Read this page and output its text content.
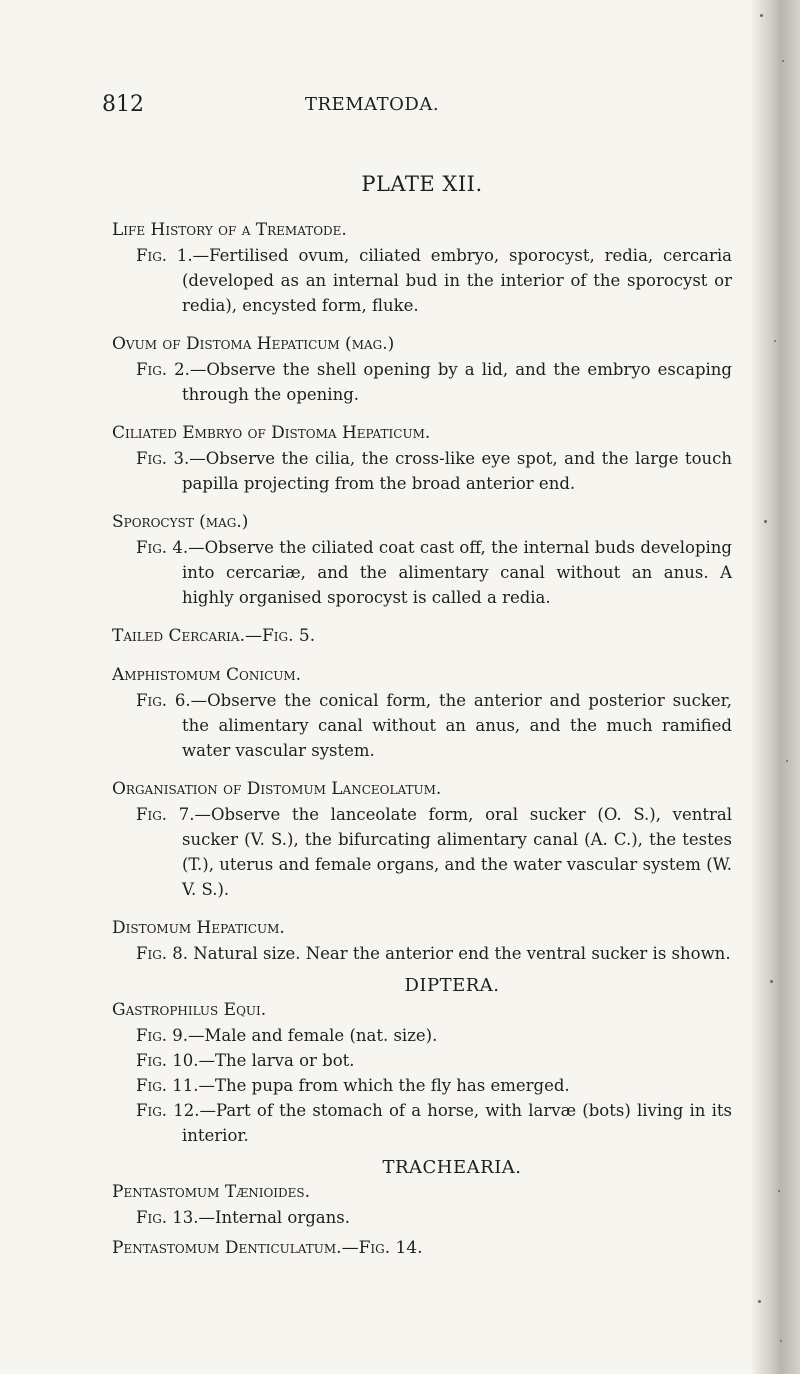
812	TREMATODA.
PLATE XII.
Life History of a Trematode.
Fig. 1.—Fertilised ovum, ciliated embryo, sporocyst, redia, cercaria (developed as an internal bud in the interior of the sporocyst or redia), encysted form, fluke.
Ovum of Distoma Hepaticum (mag.)
Fig. 2.—Observe the shell opening by a lid, and the embryo escaping through the opening.
Ciliated Embryo of Distoma Hepaticum.
Fig. 3.—Observe the cilia, the cross-like eye spot, and the large touch papilla projecting from the broad anterior end.
Sporocyst (mag.)
Fig. 4.—Observe the ciliated coat cast off, the internal buds developing into cercariæ, and the alimentary canal without an anus. A highly organised sporocyst is called a redia.
Tailed Cercaria.—Fig. 5.
Amphistomum Conicum.
Fig. 6.—Observe the conical form, the anterior and posterior sucker, the alimentary canal without an anus, and the much ramified water vascular system.
Organisation of Distomum Lanceolatum.
Fig. 7.—Observe the lanceolate form, oral sucker (O. S.), ventral sucker (V. S.), the bifurcating alimentary canal (A. C.), the testes (T.), uterus and female organs, and the water vascular system (W. V. S.).
Distomum Hepaticum.
Fig. 8. Natural size. Near the anterior end the ventral sucker is shown.
DIPTERA.
Gastrophilus Equi.
Fig. 9.—Male and female (nat. size).
Fig. 10.—The larva or bot.
Fig. 11.—The pupa from which the fly has emerged.
Fig. 12.—Part of the stomach of a horse, with larvæ (bots) living in its interior.
TRACHEARIA.
Pentastomum Tænioides.
Fig. 13.—Internal organs.
Pentastomum Denticulatum.—Fig. 14.
